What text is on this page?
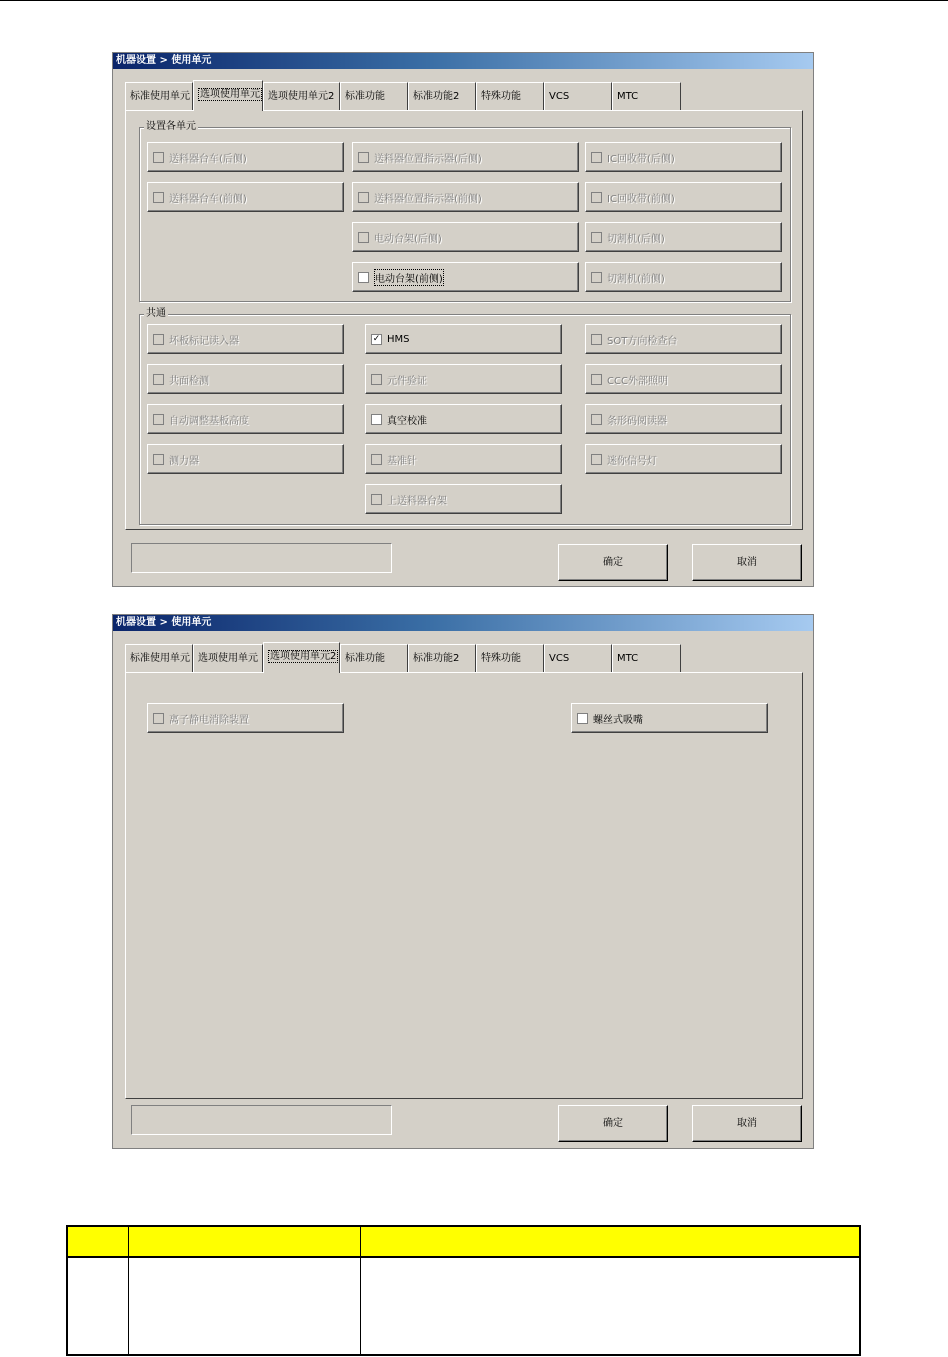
机器设置 > 使用单元
标准使用单元	选项使用单元 选项使用单元2	标准功能	标准功能2	特殊功能	VCS	MTC
设置各单元
送料器台车(后侧)	送料器位置指示器(后侧)	IC回收带(后侧)
送料器台车(前侧)	送料器位置指示器(前侧)	IC回收带(前侧)
电动台架(后侧)	切割机(后侧)
电动台架(前侧)	切割机(前侧)
共通
坏板标记读入器	✓ HMS	SOT方向检查台
共面检测	元件验证	CCC外部照明
自动调整基板高度	真空校准	条形码阅读器
测力器	基准针	迷你信号灯
上送料器台架
确定	取消
机器设置 > 使用单元
标准使用单元 选项使用单元	选项使用单元2 标准功能	标准功能2	特殊功能	VCS	MTC
离子静电消除装置	螺丝式吸嘴
确定	取消
